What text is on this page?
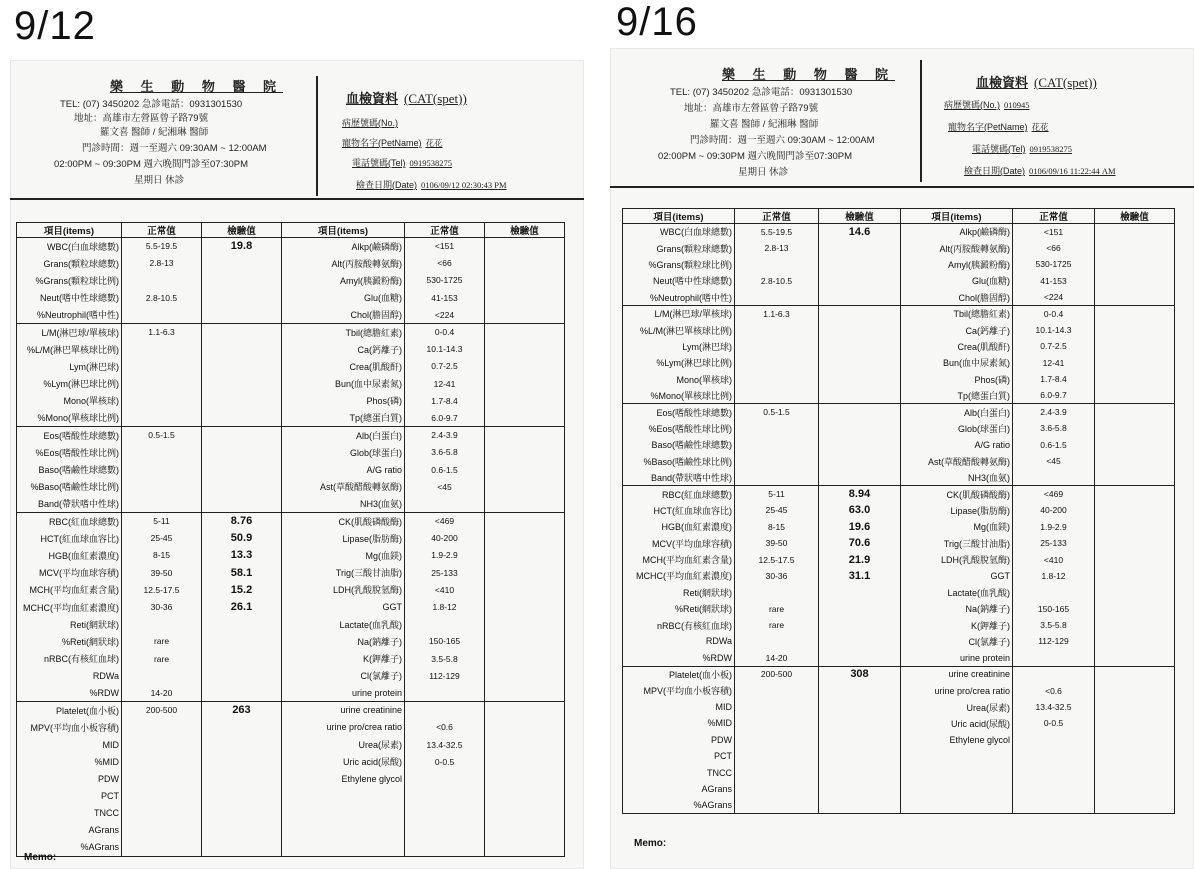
9/12
樂 生 動 物 醫 院
TEL: (07) 3450202 急診電話：0931301530
地址：高雄市左營區曾子路79號
羅文喜 醫師 / 紀湘琳 醫師
門診時間：週一至週六 09:30AM ~ 12:00AM
02:00PM ~ 09:30PM 週六晚間門診至07:30PM
星期日 休診
血檢資料 (CAT(spet))
病歷號碼(No.)
寵物名字(PetName) 花花
電話號碼(Tel) 0919538275
檢查日期(Date) 0106/09/12 02:30:43 PM
項目(items)	正常值	檢驗值	項目(items)	正常值	檢驗值
WBC(白血球總數)	5.5-19.5	19.8	Alkp(鹼磷酶)	<151	
Grans(顆粒球總數)	2.8-13		Alt(丙胺酸轉氨酶)	<66	
%Grans(顆粒球比例)			Amyl(胰澱粉酶)	530-1725	
Neut(嗜中性球總數)	2.8-10.5		Glu(血糖)	41-153	
%Neutrophil(嗜中性)			Chol(膽固醇)	<224	
L/M(淋巴球/單核球)	1.1-6.3		Tbil(總膽紅素)	0-0.4	
%L/M(淋巴單核球比例)			Ca(鈣離子)	10.1-14.3	
Lym(淋巴球)			Crea(肌酸酐)	0.7-2.5	
%Lym(淋巴球比例)			Bun(血中尿素氮)	12-41	
Mono(單核球)			Phos(磷)	1.7-8.4	
%Mono(單核球比例)			Tp(總蛋白質)	6.0-9.7	
Eos(嗜酸性球總數)	0.5-1.5		Alb(白蛋白)	2.4-3.9	
%Eos(嗜酸性球比例)			Glob(球蛋白)	3.6-5.8	
Baso(嗜鹼性球總數)			A/G ratio	0.6-1.5	
%Baso(嗜鹼性球比例)			Ast(草酸醋酸轉氨酶)	<45	
Band(帶狀嗜中性球)			NH3(血氨)		
RBC(紅血球總數)	5-11	8.76	CK(肌酸磷酸酶)	<469	
HCT(紅血球血容比)	25-45	50.9	Lipase(脂肪酶)	40-200	
HGB(血紅素濃度)	8-15	13.3	Mg(血鎂)	1.9-2.9	
MCV(平均血球容積)	39-50	58.1	Trig(三酸甘油脂)	25-133	
MCH(平均血紅素含量)	12.5-17.5	15.2	LDH(乳酸脫氫酶)	<410	
MCHC(平均血紅素濃度)	30-36	26.1	GGT	1.8-12	
Reti(網狀球)			Lactate(血乳酸)		
%Reti(網狀球)	rare		Na(鈉離子)	150-165	
nRBC(有核紅血球)	rare		K(鉀離子)	3.5-5.8	
RDWa			Cl(氯離子)	112-129	
%RDW	14-20		urine protein		
Platelet(血小板)	200-500	263	urine creatinine		
MPV(平均血小板容積)			urine pro/crea ratio	<0.6	
MID			Urea(尿素)	13.4-32.5	
%MID			Uric acid(尿酸)	0-0.5	
PDW			Ethylene glycol		
PCT					
TNCC					
AGrans					
%AGrans					
Memo:
9/16
樂 生 動 物 醫 院
TEL: (07) 3450202 急診電話：0931301530
地址：高雄市左營區曾子路79號
羅文喜 醫師 / 紀湘琳 醫師
門診時間：週一至週六 09:30AM ~ 12:00AM
02:00PM ~ 09:30PM 週六晚間門診至07:30PM
星期日 休診
血檢資料 (CAT(spet))
病歷號碼(No.) 010945
寵物名字(PetName) 花花
電話號碼(Tel) 0919538275
檢查日期(Date) 0106/09/16 11:22:44 AM
項目(items)	正常值	檢驗值	項目(items)	正常值	檢驗值
WBC(白血球總數)	5.5-19.5	14.6	Alkp(鹼磷酶)	<151	
Grans(顆粒球總數)	2.8-13		Alt(丙胺酸轉氨酶)	<66	
%Grans(顆粒球比例)			Amyl(胰澱粉酶)	530-1725	
Neut(嗜中性球總數)	2.8-10.5		Glu(血糖)	41-153	
%Neutrophil(嗜中性)			Chol(膽固醇)	<224	
L/M(淋巴球/單核球)	1.1-6.3		Tbil(總膽紅素)	0-0.4	
%L/M(淋巴單核球比例)			Ca(鈣離子)	10.1-14.3	
Lym(淋巴球)			Crea(肌酸酐)	0.7-2.5	
%Lym(淋巴球比例)			Bun(血中尿素氮)	12-41	
Mono(單核球)			Phos(磷)	1.7-8.4	
%Mono(單核球比例)			Tp(總蛋白質)	6.0-9.7	
Eos(嗜酸性球總數)	0.5-1.5		Alb(白蛋白)	2.4-3.9	
%Eos(嗜酸性球比例)			Glob(球蛋白)	3.6-5.8	
Baso(嗜鹼性球總數)			A/G ratio	0.6-1.5	
%Baso(嗜鹼性球比例)			Ast(草酸醋酸轉氨酶)	<45	
Band(帶狀嗜中性球)			NH3(血氨)		
RBC(紅血球總數)	5-11	8.94	CK(肌酸磷酸酶)	<469	
HCT(紅血球血容比)	25-45	63.0	Lipase(脂肪酶)	40-200	
HGB(血紅素濃度)	8-15	19.6	Mg(血鎂)	1.9-2.9	
MCV(平均血球容積)	39-50	70.6	Trig(三酸甘油脂)	25-133	
MCH(平均血紅素含量)	12.5-17.5	21.9	LDH(乳酸脫氫酶)	<410	
MCHC(平均血紅素濃度)	30-36	31.1	GGT	1.8-12	
Reti(網狀球)			Lactate(血乳酸)		
%Reti(網狀球)	rare		Na(鈉離子)	150-165	
nRBC(有核紅血球)	rare		K(鉀離子)	3.5-5.8	
RDWa			Cl(氯離子)	112-129	
%RDW	14-20		urine protein		
Platelet(血小板)	200-500	308	urine creatinine		
MPV(平均血小板容積)			urine pro/crea ratio	<0.6	
MID			Urea(尿素)	13.4-32.5	
%MID			Uric acid(尿酸)	0-0.5	
PDW			Ethylene glycol		
PCT					
TNCC					
AGrans					
%AGrans					
Memo:
